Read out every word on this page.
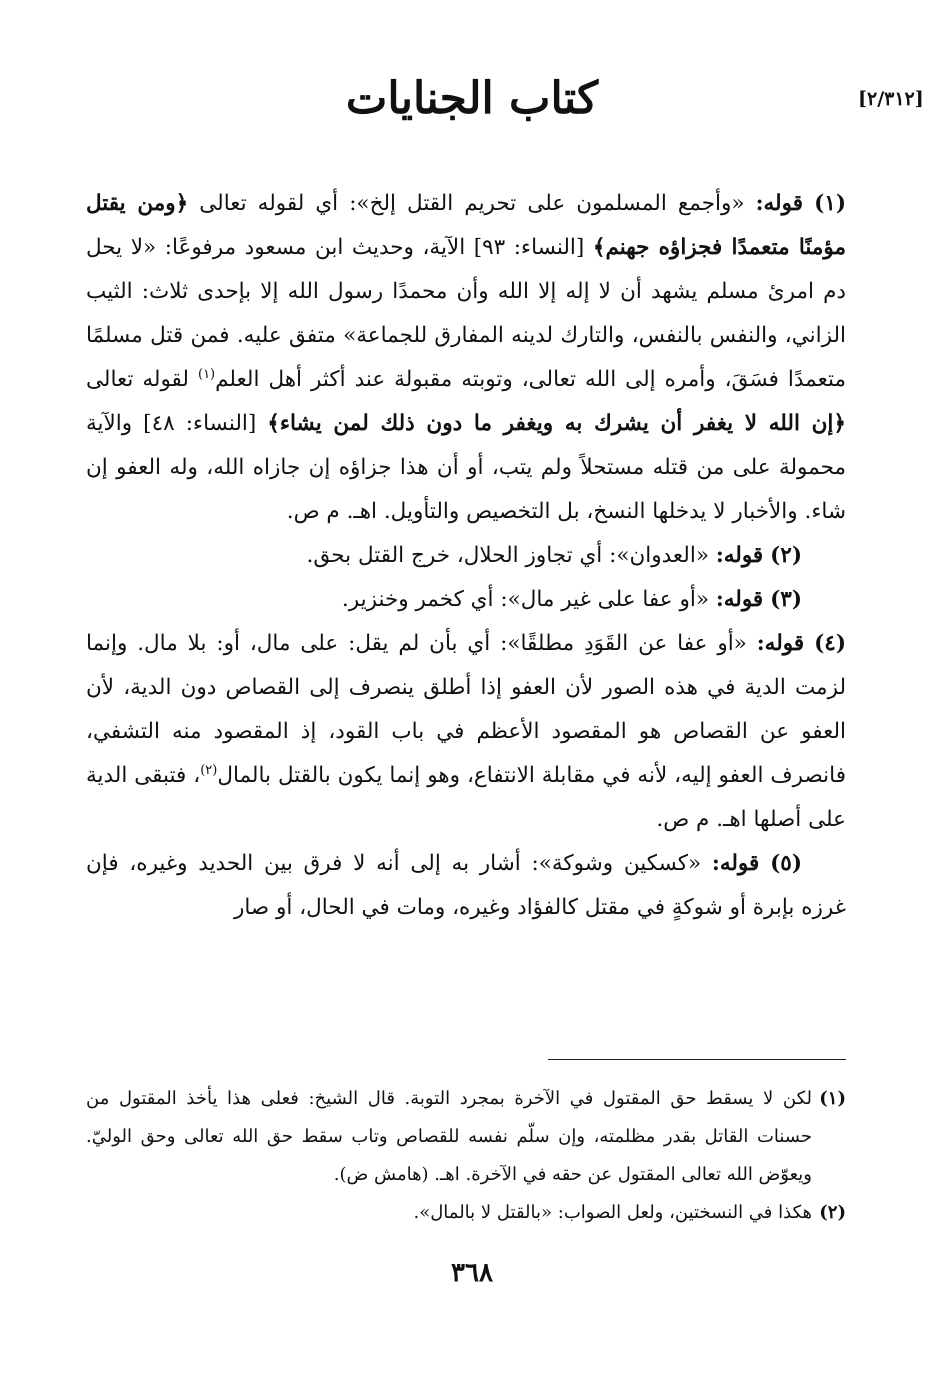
[٢/٣١٢]
كتاب الجنايات

(١) قوله: «وأجمع المسلمون على تحريم القتل إلخ»: أي لقوله تعالى ﴿ومن يقتل مؤمنًا متعمدًا فجزاؤه جهنم﴾ [النساء: ٩٣] الآية، وحديث ابن مسعود مرفوعًا: «لا يحل دم امرئ مسلم يشهد أن لا إله إلا الله وأن محمدًا رسول الله إلا بإحدى ثلاث: الثيب الزاني، والنفس بالنفس، والتارك لدينه المفارق للجماعة» متفق عليه. فمن قتل مسلمًا متعمدًا فسَقَ، وأمره إلى الله تعالى، وتوبته مقبولة عند أكثر أهل العلم$^{(١)}$ لقوله تعالى ﴿إن الله لا يغفر أن يشرك به ويغفر ما دون ذلك لمن يشاء﴾ [النساء: ٤٨] والآية محمولة على من قتله مستحلاً ولم يتب، أو أن هذا جزاؤه إن جازاه الله، وله العفو إن شاء. والأخبار لا يدخلها النسخ، بل التخصيص والتأويل. اهـ. م ص.

(٢) قوله: «العدوان»: أي تجاوز الحلال، خرج القتل بحق.

(٣) قوله: «أو عفا على غير مال»: أي كخمر وخنزير.

(٤) قوله: «أو عفا عن القَوَدِ مطلقًا»: أي بأن لم يقل: على مال، أو: بلا مال. وإنما لزمت الدية في هذه الصور لأن العفو إذا أطلق ينصرف إلى القصاص دون الدية، لأن العفو عن القصاص هو المقصود الأعظم في باب القود، إذ المقصود منه التشفي، فانصرف العفو إليه، لأنه في مقابلة الانتفاع، وهو إنما يكون بالقتل بالمال$^{(٢)}$، فتبقى الدية على أصلها اهـ. م ص.

(٥) قوله: «كسكين وشوكة»: أشار به إلى أنه لا فرق بين الحديد وغيره، فإن غرزه بإبرة أو شوكةٍ في مقتل كالفؤاد وغيره، ومات في الحال، أو صار

(١)
لكن لا يسقط حق المقتول في الآخرة بمجرد التوبة. قال الشيخ: فعلى هذا يأخذ المقتول من حسنات القاتل بقدر مظلمته، وإن سلّم نفسه للقصاص وتاب سقط حق الله تعالى وحق الوليّ. ويعوّض الله تعالى المقتول عن حقه في الآخرة. اهـ. (هامش ض).

(٢)
هكذا في النسختين، ولعل الصواب: «بالقتل لا بالمال».

٣٦٨
